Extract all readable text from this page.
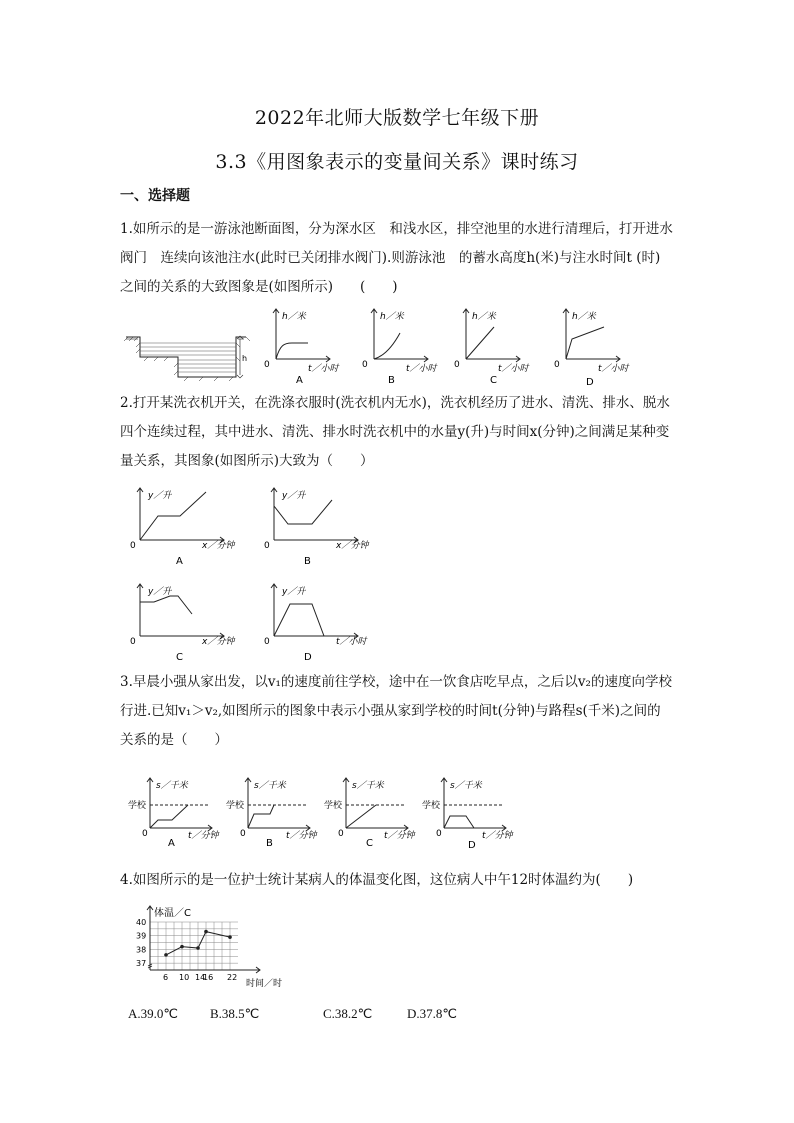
2022年北师大版数学七年级下册
3.3《用图象表示的变量间关系》课时练习
一、选择题
1.如所示的是一游泳池断面图，分为深水区　和浅水区，排空池里的水进行清理后，打开进水
阀门　连续向该池注水(此时已关闭排水阀门).则游泳池　的蓄水高度h(米)与注水时间t (时)
之间的关系的大致图象是(如图所示)　　(　　)
h
h／米
t／小时
0
A
h／米
t／小时
0
B
h／米
t／小时
0
C
h／米
t／小时
0
D
2.打开某洗衣机开关，在洗涤衣服时(洗衣机内无水)，洗衣机经历了进水、清洗、排水、脱水
四个连续过程，其中进水、清洗、排水时洗衣机中的水量y(升)与时间x(分钟)之间满足某种变
量关系，其图象(如图所示)大致为（　　）
y／升
x／分钟
0
A
y／升
x／分钟
0
B
y／升
x／分钟
0
C
y／升
t／小时
0
D
3.早晨小强从家出发，以v₁的速度前往学校，途中在一饮食店吃早点，之后以v₂的速度向学校
行进.已知v₁＞v₂,如图所示的图象中表示小强从家到学校的时间t(分钟)与路程s(千米)之间的
关系的是（　　）
s／千米
t／分钟
0
学校
A
s／千米
t／分钟
0
学校
B
s／千米
t／分钟
0
学校
C
s／千米
t／分钟
0
学校
D
4.如图所示的是一位护士统计某病人的体温变化图，这位病人中午12时体温约为(　　)
37
38
39
40
6 10 14
16 22
体温／C
时间／时
A.39.0℃ B.38.5℃	C.38.2℃	D.37.8℃
